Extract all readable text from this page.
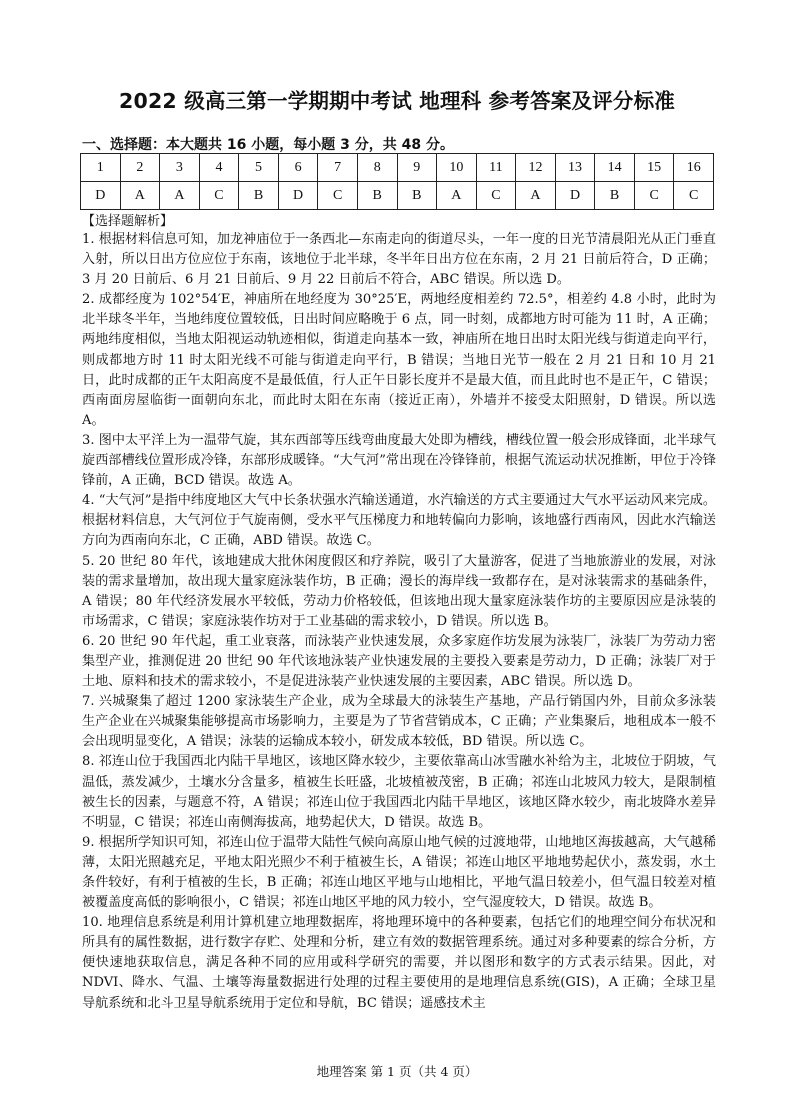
2022 级高三第一学期期中考试 地理科 参考答案及评分标准
一、选择题：本大题共 16 小题，每小题 3 分，共 48 分。
1	2	3	4	5	6	7	8	9	10	11	12	13	14	15	16
D	A	A	C	B	D	C	B	B	A	C	A	D	B	C	C
【选择题解析】

1. 根据材料信息可知，加龙神庙位于一条西北—东南走向的街道尽头，一年一度的日光节清晨阳光从正门垂直入射，所以日出方位应位于东南，该地位于北半球，冬半年日出方位在东南，2 月 21 日前后符合，D 正确；3 月 20 日前后、6 月 21 日前后、9 月 22 日前后不符合，ABC 错误。所以选 D。

2. 成都经度为 102°54′E，神庙所在地经度为 30°25′E，两地经度相差约 72.5°，相差约 4.8 小时，此时为北半球冬半年，当地纬度位置较低，日出时间应略晚于 6 点，同一时刻，成都地方时可能为 11 时，A 正确；两地纬度相似，当地太阳视运动轨迹相似，街道走向基本一致，神庙所在地日出时太阳光线与街道走向平行，则成都地方时 11 时太阳光线不可能与街道走向平行，B 错误；当地日光节一般在 2 月 21 日和 10 月 21 日，此时成都的正午太阳高度不是最低值，行人正午日影长度并不是最大值，而且此时也不是正午，C 错误；西南面房屋临街一面朝向东北，而此时太阳在东南（接近正南），外墙并不接受太阳照射，D 错误。所以选 A。

3. 图中太平洋上为一温带气旋，其东西部等压线弯曲度最大处即为槽线，槽线位置一般会形成锋面，北半球气旋西部槽线位置形成冷锋，东部形成暖锋。“大气河”常出现在冷锋锋前，根据气流运动状况推断，甲位于冷锋锋前，A 正确，BCD 错误。故选 A。

4. “大气河”是指中纬度地区大气中长条状强水汽输送通道，水汽输送的方式主要通过大气水平运动风来完成。根据材料信息，大气河位于气旋南侧，受水平气压梯度力和地转偏向力影响，该地盛行西南风，因此水汽输送方向为西南向东北，C 正确，ABD 错误。故选 C。

5. 20 世纪 80 年代，该地建成大批休闲度假区和疗养院，吸引了大量游客，促进了当地旅游业的发展，对泳装的需求量增加，故出现大量家庭泳装作坊，B 正确；漫长的海岸线一致都存在，是对泳装需求的基础条件，A 错误；80 年代经济发展水平较低，劳动力价格较低，但该地出现大量家庭泳装作坊的主要原因应是泳装的市场需求，C 错误；家庭泳装作坊对于工业基础的需求较小，D 错误。所以选 B。

6. 20 世纪 90 年代起，重工业衰落，而泳装产业快速发展，众多家庭作坊发展为泳装厂，泳装厂为劳动力密集型产业，推测促进 20 世纪 90 年代该地泳装产业快速发展的主要投入要素是劳动力，D 正确；泳装厂对于土地、原料和技术的需求较小，不是促进泳装产业快速发展的主要因素，ABC 错误。所以选 D。

7. 兴城聚集了超过 1200 家泳装生产企业，成为全球最大的泳装生产基地，产品行销国内外，目前众多泳装生产企业在兴城聚集能够提高市场影响力，主要是为了节省营销成本，C 正确；产业集聚后，地租成本一般不会出现明显变化，A 错误；泳装的运输成本较小，研发成本较低，BD 错误。所以选 C。

8. 祁连山位于我国西北内陆干旱地区，该地区降水较少，主要依靠高山冰雪融水补给为主，北坡位于阴坡，气温低，蒸发减少，土壤水分含量多，植被生长旺盛，北坡植被茂密，B 正确；祁连山北坡风力较大，是限制植被生长的因素，与题意不符，A 错误；祁连山位于我国西北内陆干旱地区，该地区降水较少，南北坡降水差异不明显，C 错误；祁连山南侧海拔高，地势起伏大，D 错误。故选 B。

9. 根据所学知识可知，祁连山位于温带大陆性气候向高原山地气候的过渡地带，山地地区海拔越高，大气越稀薄，太阳光照越充足，平地太阳光照少不利于植被生长，A 错误；祁连山地区平地地势起伏小，蒸发弱，水土条件较好，有利于植被的生长，B 正确；祁连山地区平地与山地相比，平地气温日较差小，但气温日较差对植被覆盖度高低的影响很小，C 错误；祁连山地区平地的风力较小，空气湿度较大，D 错误。故选 B。

10. 地理信息系统是利用计算机建立地理数据库，将地理环境中的各种要素，包括它们的地理空间分布状况和所具有的属性数据，进行数字存贮、处理和分析，建立有效的数据管理系统。通过对多种要素的综合分析，方便快速地获取信息，满足各种不同的应用或科学研究的需要，并以图形和数字的方式表示结果。因此，对 NDVI、降水、气温、土壤等海量数据进行处理的过程主要使用的是地理信息系统(GIS)，A 正确；全球卫星导航系统和北斗卫星导航系统用于定位和导航，BC 错误；遥感技术主

地理答案 第 1 页（共 4 页）
